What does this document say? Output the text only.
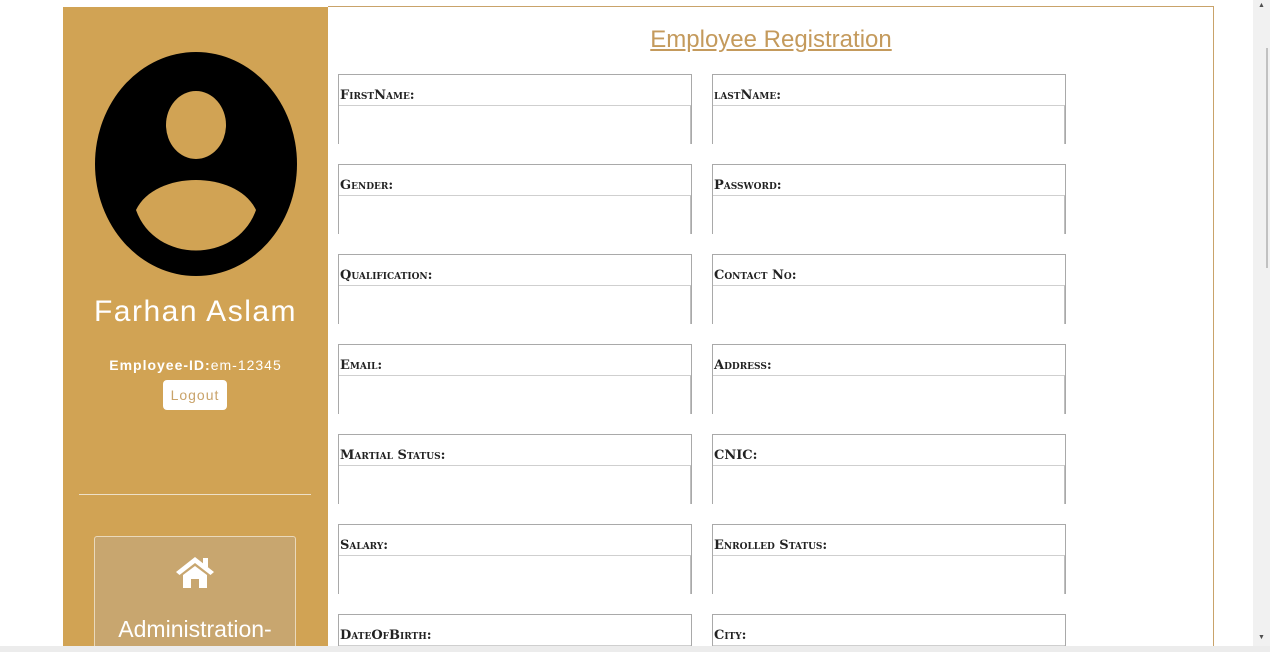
Farhan Aslam
Employee-ID:em-12345
Logout
Administration-
Employee Registration
FirstName:	lastName:
Gender:	Password:
Qualification:	Contact No:
Email:	Address:
Martial Status:	CNIC:
Salary:	Enrolled Status:
DateOfBirth:	City:
▲
▼
